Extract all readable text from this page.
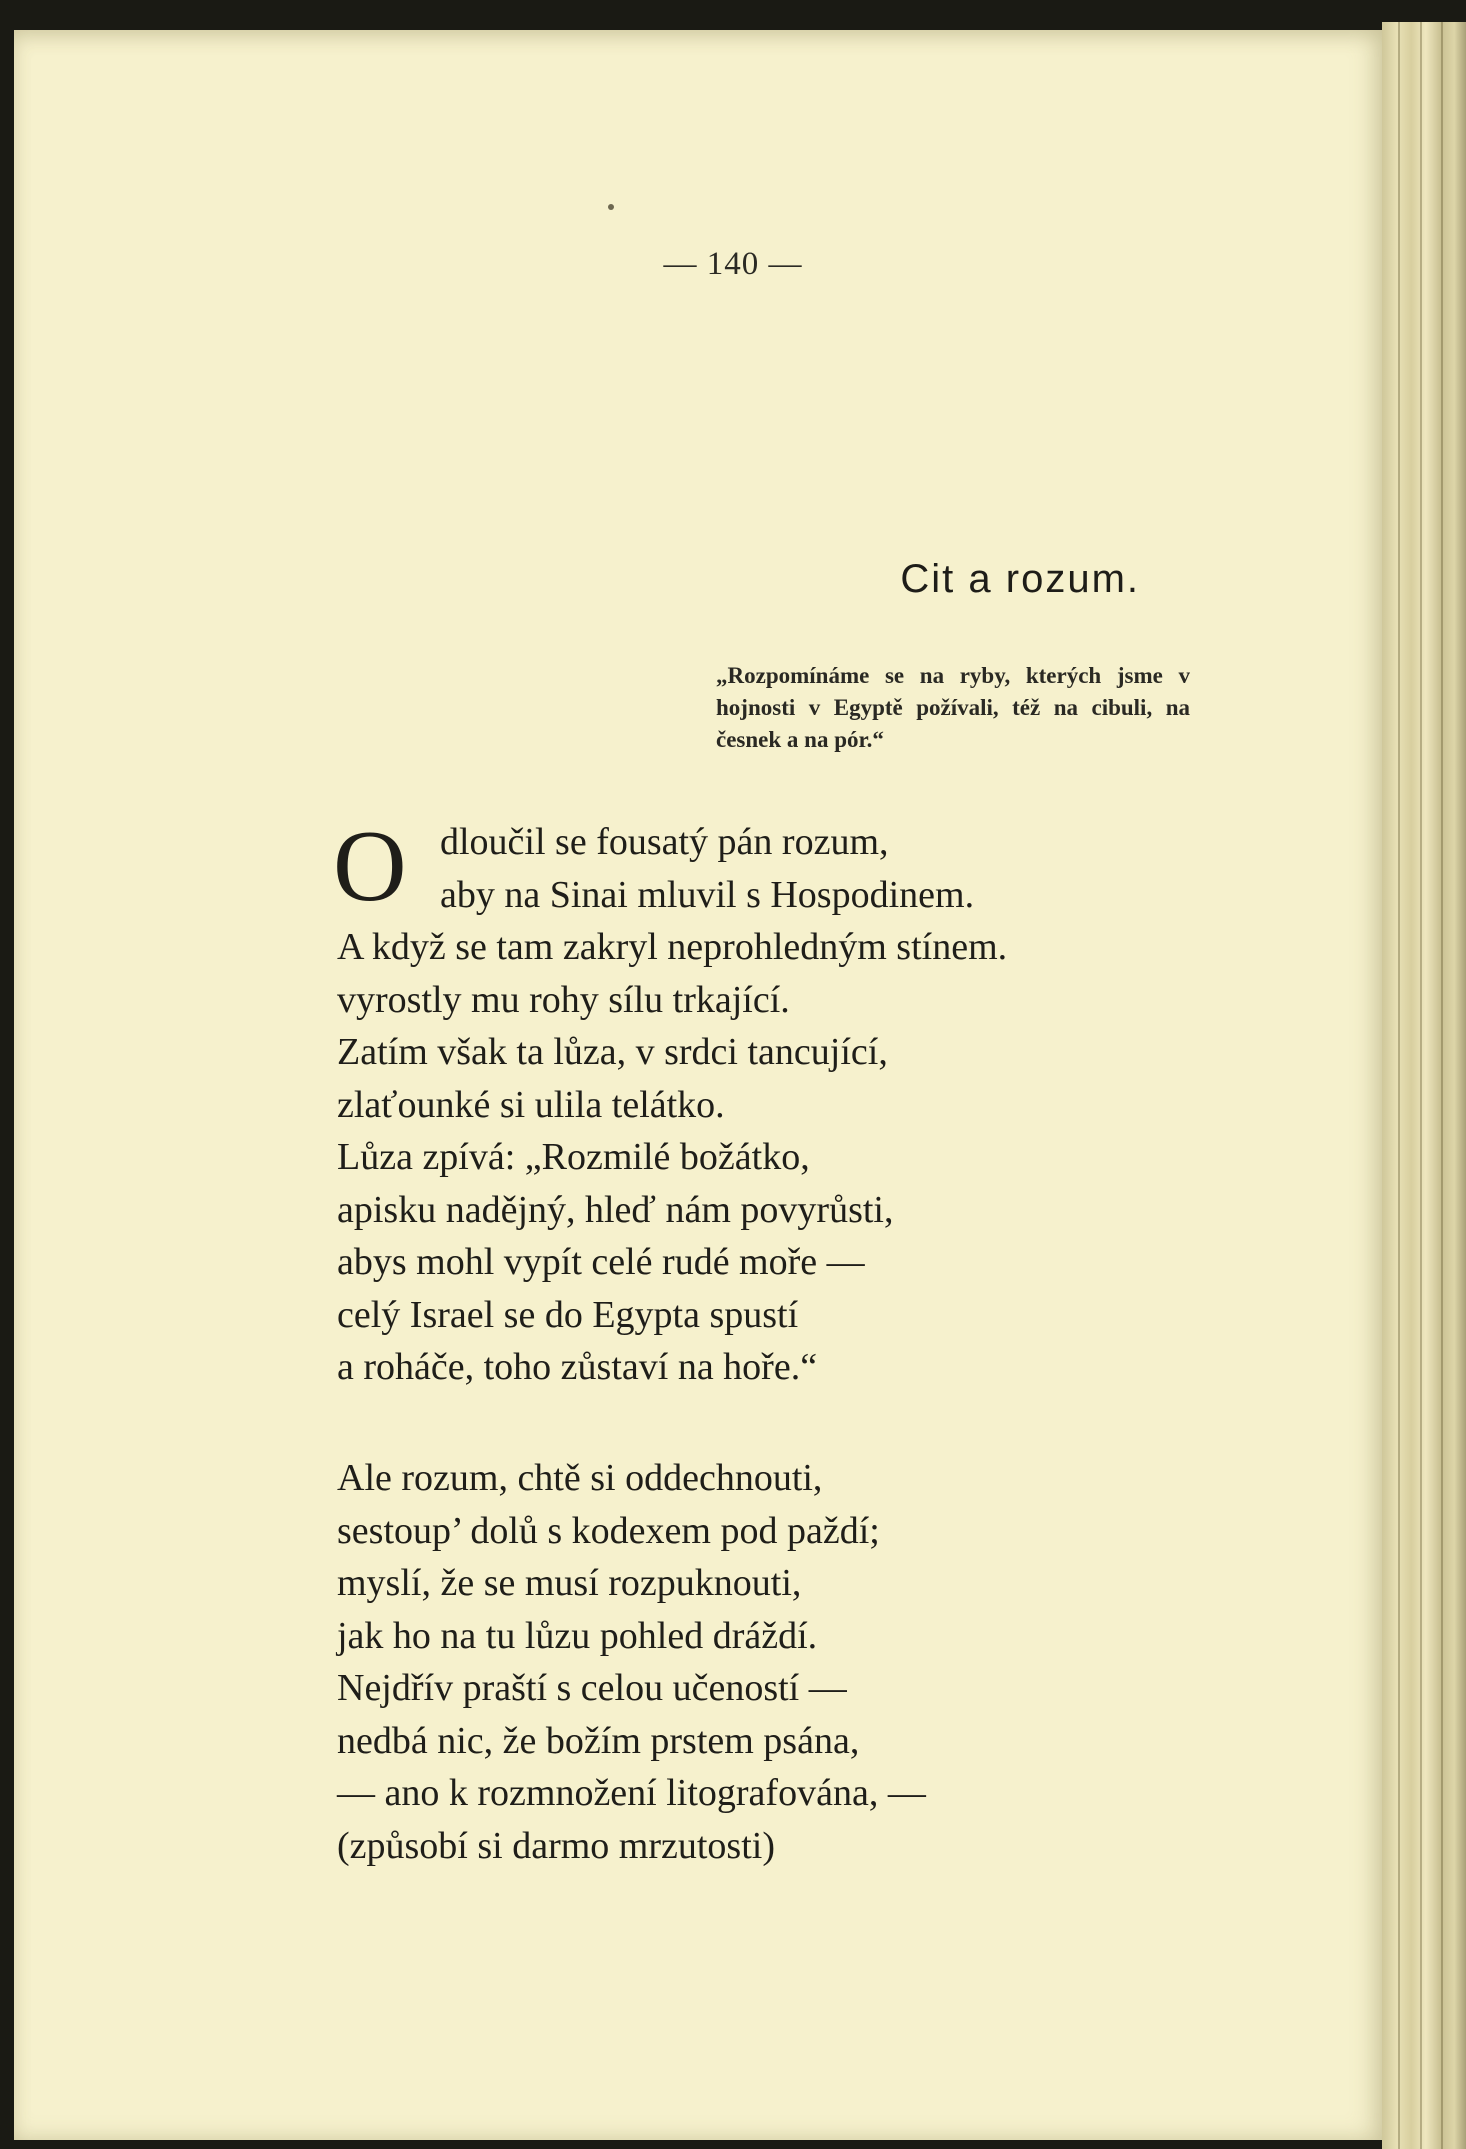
— 140 —
Cit a rozum.
„Rozpomínáme se na ryby, kterých jsme v hojnosti v Egyptě požívali, též na cibuli, na česnek a na pór.“
O dloučil se fousatý pán rozum,
aby na Sinai mluvil s Hospodinem.
A když se tam zakryl neprohledným stínem.
vyrostly mu rohy sílu trkající.
Zatím však ta lůza, v srdci tancující,
zlaťounké si ulila telátko.
Lůza zpívá: „Rozmilé božátko,
apisku nadějný, hleď nám povyrůsti,
abys mohl vypít celé rudé moře —
celý Israel se do Egypta spustí
a roháče, toho zůstaví na hoře.“
Ale rozum, chtě si oddechnouti,
sestoup’ dolů s kodexem pod paždí;
myslí, že se musí rozpuknouti,
jak ho na tu lůzu pohled dráždí.
Nejdřív praští s celou učeností —
nedbá nic, že božím prstem psána,
— ano k rozmnožení litografována, —
(způsobí si darmo mrzutosti)
